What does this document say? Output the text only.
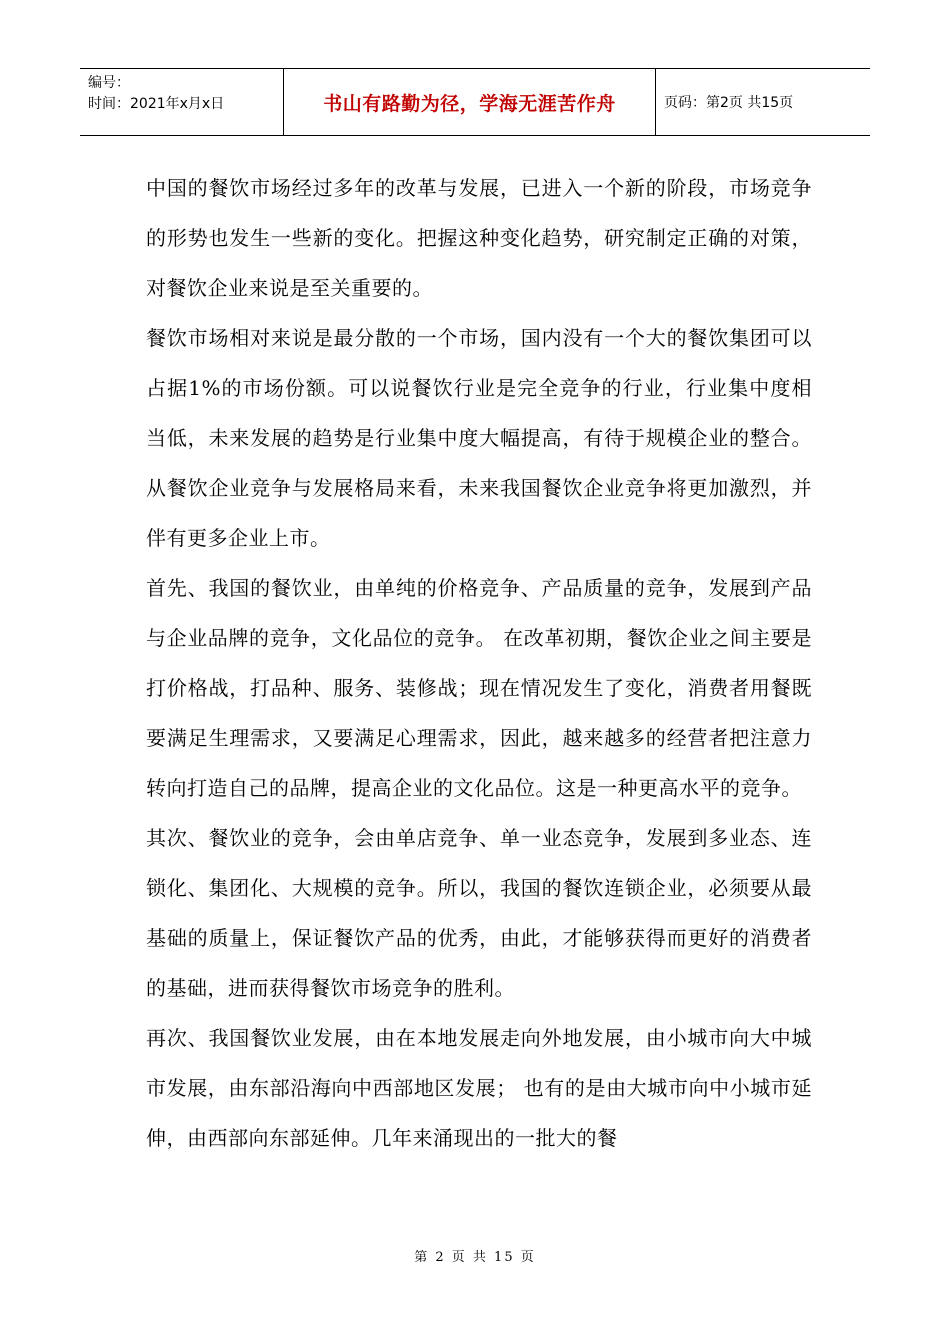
编号：
时间：2021年x月x日	书山有路勤为径，学海无涯苦作舟	页码：第2页 共15页

中国的餐饮市场经过多年的改革与发展，已进入一个新的阶段，市场竞争的形势也发生一些新的变化。把握这种变化趋势，研究制定正确的对策，对餐饮企业来说是至关重要的。

餐饮市场相对来说是最分散的一个市场，国内没有一个大的餐饮集团可以占据1%的市场份额。可以说餐饮行业是完全竞争的行业，行业集中度相当低，未来发展的趋势是行业集中度大幅提高，有待于规模企业的整合。从餐饮企业竞争与发展格局来看，未来我国餐饮企业竞争将更加激烈，并伴有更多企业上市。

首先、我国的餐饮业，由单纯的价格竞争、产品质量的竞争，发展到产品与企业品牌的竞争，文化品位的竞争。 在改革初期，餐饮企业之间主要是打价格战，打品种、服务、装修战；现在情况发生了变化，消费者用餐既要满足生理需求，又要满足心理需求，因此，越来越多的经营者把注意力转向打造自己的品牌，提高企业的文化品位。这是一种更高水平的竞争。

其次、餐饮业的竞争，会由单店竞争、单一业态竞争，发展到多业态、连锁化、集团化、大规模的竞争。所以，我国的餐饮连锁企业，必须要从最基础的质量上，保证餐饮产品的优秀，由此，才能够获得而更好的消费者的基础，进而获得餐饮市场竞争的胜利。

再次、我国餐饮业发展，由在本地发展走向外地发展，由小城市向大中城市发展，由东部沿海向中西部地区发展； 也有的是由大城市向中小城市延伸，由西部向东部延伸。几年来涌现出的一批大的餐

第 2 页 共 15 页
